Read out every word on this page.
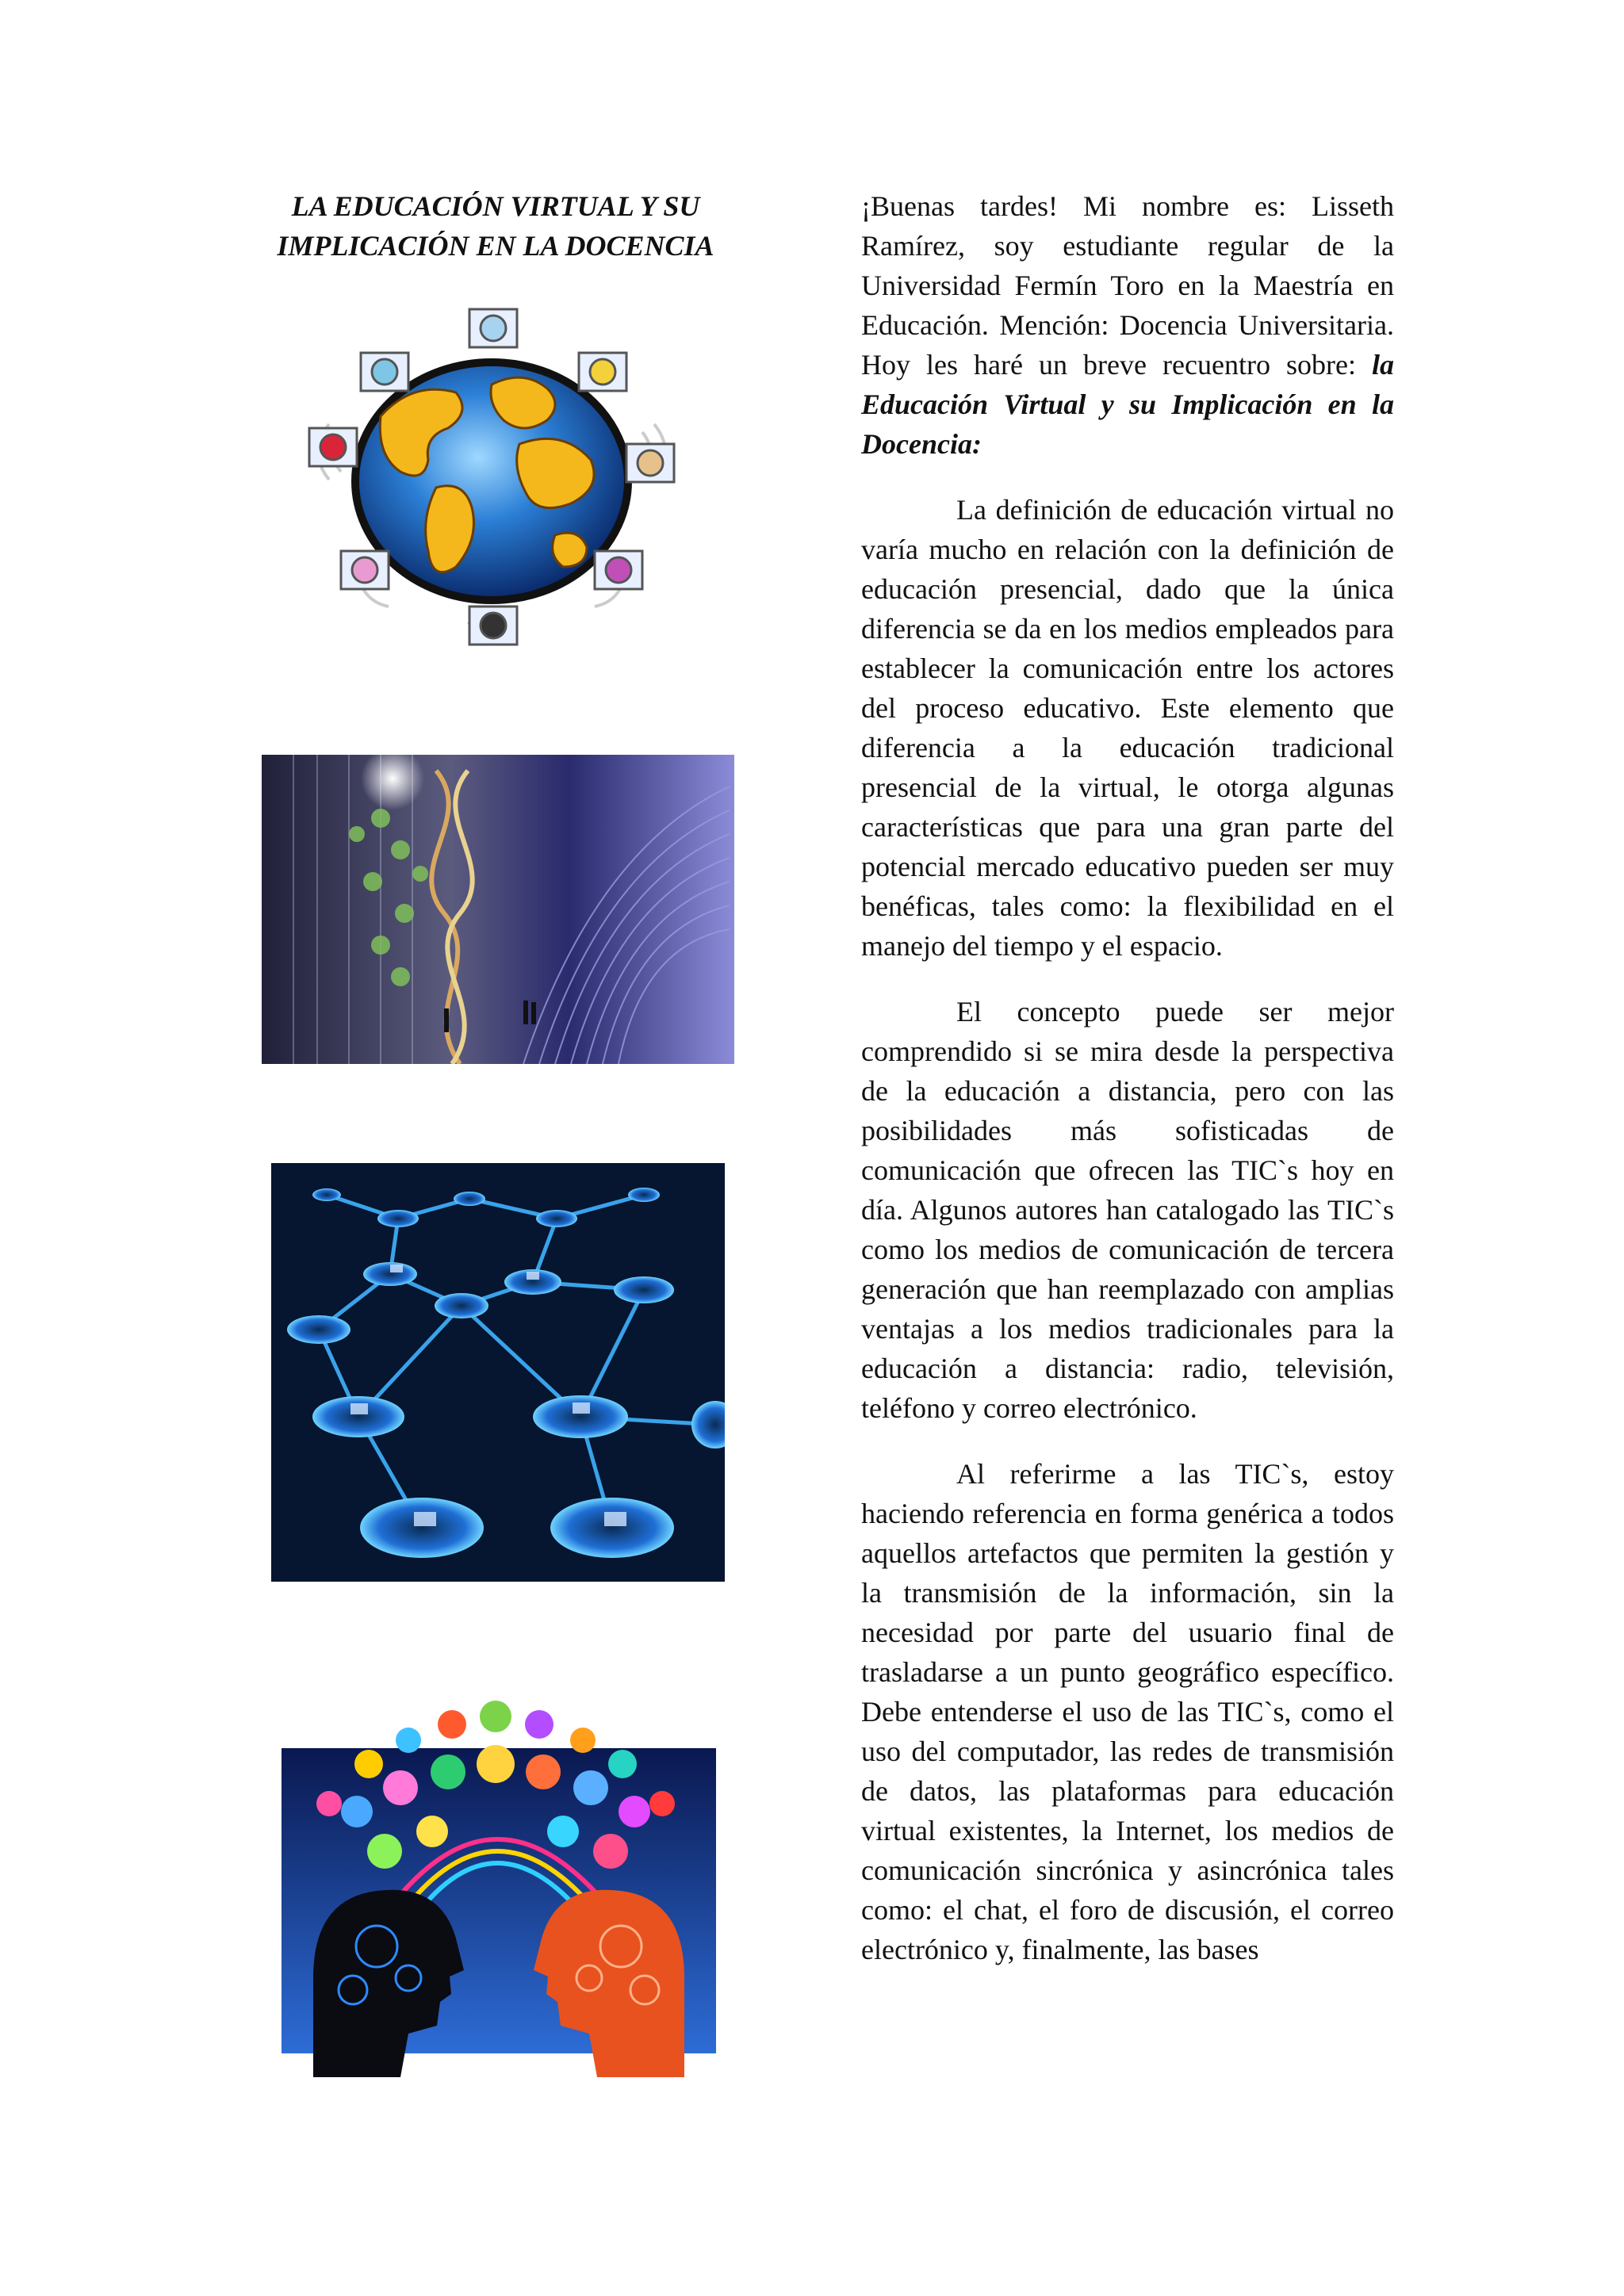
LA EDUCACIÓN VIRTUAL Y SU
IMPLICACIÓN EN LA DOCENCIA

¡Buenas tardes! Mi nombre es: Lisseth Ramírez, soy estudiante regular de la Universidad Fermín Toro en la Maestría en Educación. Mención: Docencia Universitaria. Hoy les haré un breve recuentro sobre: la Educación Virtual y su Implicación en la Docencia:

La definición de educación virtual no varía mucho en relación con la definición de educación presencial, dado que la única diferencia se da en los medios empleados para establecer la comunicación entre los actores del proceso educativo. Este elemento que diferencia a la educación tradicional presencial de la virtual, le otorga algunas características que para una gran parte del potencial mercado educativo pueden ser muy benéficas, tales como: la flexibilidad en el manejo del tiempo y el espacio.

El concepto puede ser mejor comprendido si se mira desde la perspectiva de la educación a distancia, pero con las posibilidades más sofisticadas de comunicación que ofrecen las TIC`s hoy en día. Algunos autores han catalogado las TIC`s como los medios de comunicación de tercera generación que han reemplazado con amplias ventajas a los medios tradicionales para la educación a distancia: radio, televisión, teléfono y correo electrónico.

Al referirme a las TIC`s, estoy haciendo referencia en forma genérica a todos aquellos artefactos que permiten la gestión y la transmisión de la información, sin la necesidad por parte del usuario final de trasladarse a un punto geográfico específico. Debe entenderse el uso de las TIC`s, como el uso del computador, las redes de transmisión de datos, las plataformas para educación virtual existentes, la Internet, los medios de comunicación sincrónica y asincrónica tales como: el chat, el foro de discusión, el correo electrónico y, finalmente, las bases
